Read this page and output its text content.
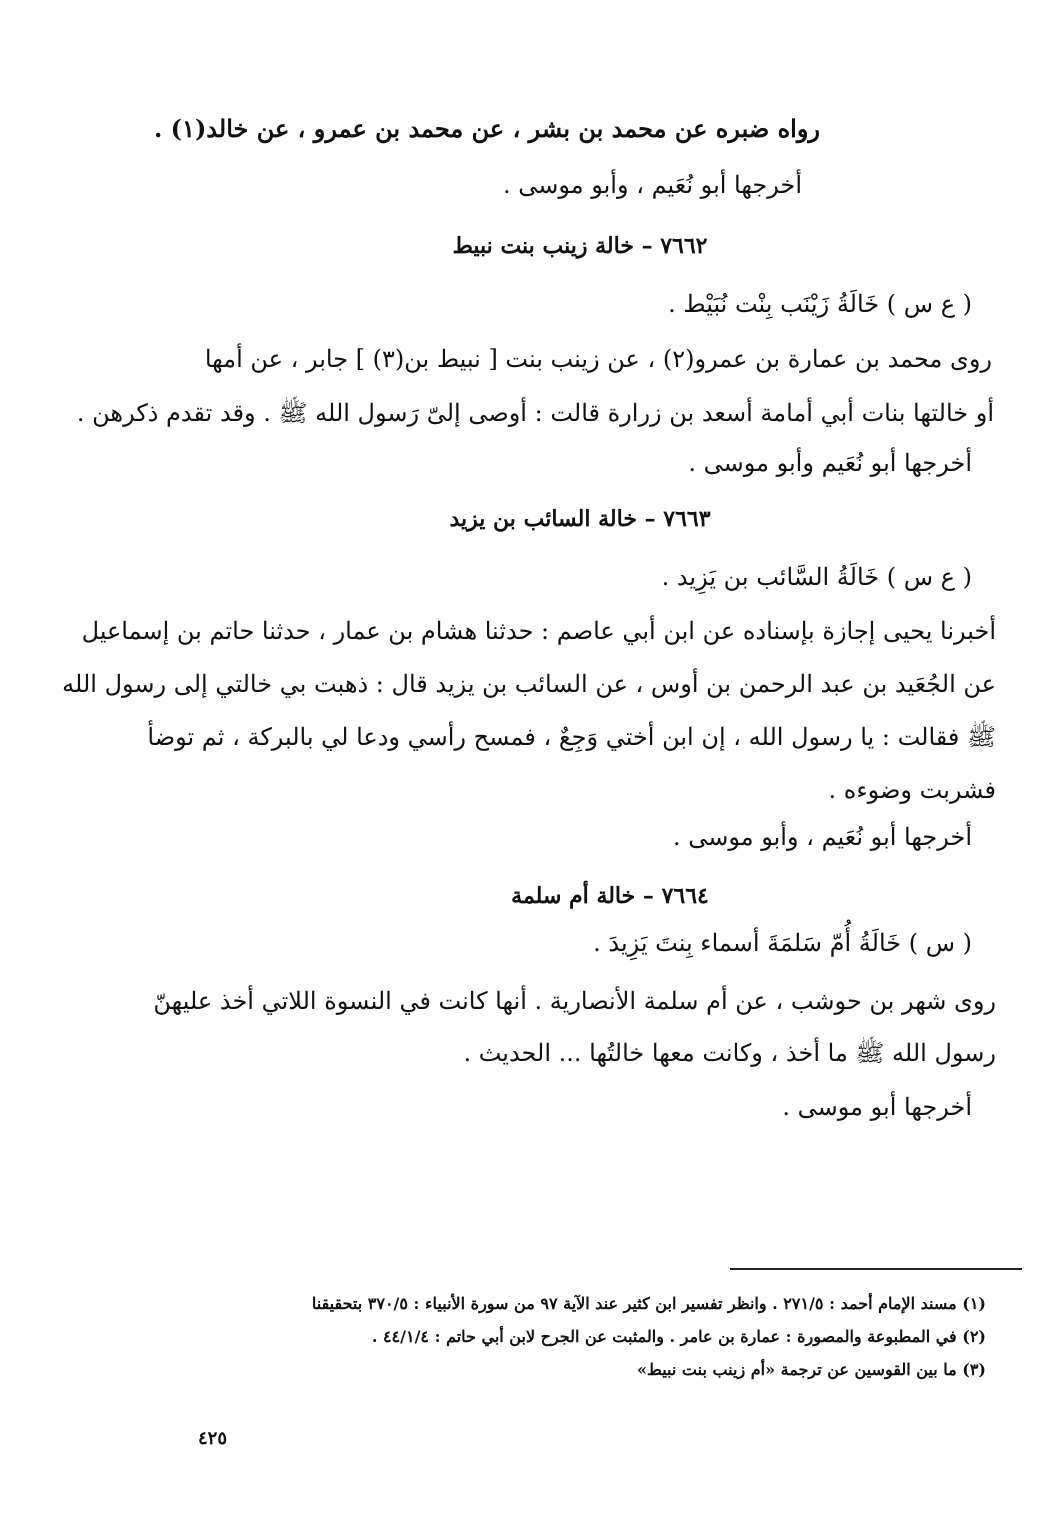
رواه ضبره عن محمد بن بشر ، عن محمد بن عمرو ، عن خالد(١) .
أخرجها أبو نُعَيم ، وأبو موسى .
٧٦٦٢ – خالة زينب بنت نبيط
( ع س ) خَالَةُ زَيْنَب بِنْت نُبَيْط .
روى محمد بن عمارة بن عمرو(٢) ، عن زينب بنت [ نبيط بن(٣) ] جابر ، عن أمها
أو خالتها بنات أبي أمامة أسعد بن زرارة قالت : أوصى إلىّ رَسول الله ﷺ . وقد تقدم ذكرهن .
أخرجها أبو نُعَيم وأبو موسى .
٧٦٦٣ – خالة السائب بن يزيد
( ع س ) خَالَةُ السَّائب بن يَزِيد .
أخبرنا يحيى إجازة بإسناده عن ابن أبي عاصم : حدثنا هشام بن عمار ، حدثنا حاتم بن إسماعيل
عن الجُعَيد بن عبد الرحمن بن أوس ، عن السائب بن يزيد قال : ذهبت بي خالتي إلى رسول الله
ﷺ فقالت : يا رسول الله ، إن ابن أختي وَجِعٌ ، فمسح رأسي ودعا لي بالبركة ، ثم توضأ
فشربت وضوءه .
أخرجها أبو نُعَيم ، وأبو موسى .
٧٦٦٤ – خالة أم سلمة
( س ) خَالَةُ أُمّ سَلمَةَ أسماء بِنتَ يَزِيدَ .
روى شهر بن حوشب ، عن أم سلمة الأنصارية . أنها كانت في النسوة اللاتي أخذ عليهنّ
رسول الله ﷺ ما أخذ ، وكانت معها خالتُها ... الحديث .
أخرجها أبو موسى .
(١) مسند الإمام أحمد : ٢٧١/٥ . وانظر تفسير ابن كثير عند الآية ٩٧ من سورة الأنبياء : ٣٧٠/٥ بتحقيقنا
(٢) في المطبوعة والمصورة : عمارة بن عامر . والمثبت عن الجرح لابن أبي حاتم : ٤٤/١/٤ .
(٣) ما بين القوسين عن ترجمة «أم زينب بنت نبيط»
٤٢٥
